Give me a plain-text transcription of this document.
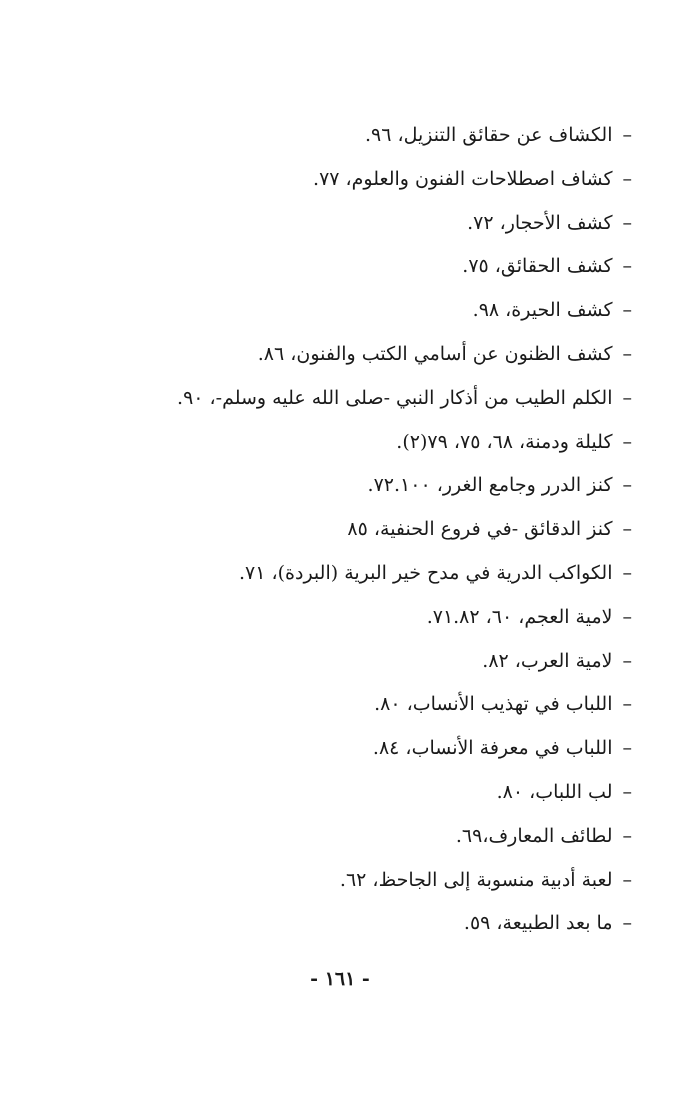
–الكشاف عن حقائق التنزيل، ٩٦.
–كشاف اصطلاحات الفنون والعلوم، ٧٧.
–كشف الأحجار، ٧٢.
–كشف الحقائق، ٧٥.
–كشف الحيرة، ٩٨.
–كشف الظنون عن أسامي الكتب والفنون، ٨٦.
–الكلم الطيب من أذكار النبي -صلى الله عليه وسلم-، ٩٠.
–كليلة ودمنة، ٦٨، ٧٥، ٧٩(٢).
–كنز الدرر وجامع الغرر، ٧٢.١٠٠.
–كنز الدقائق -في فروع الحنفية، ٨٥
–الكواكب الدرية في مدح خير البرية (البردة)، ٧١.
–لامية العجم، ٦٠، ٧١.٨٢.
–لامية العرب، ٨٢.
–اللباب في تهذيب الأنساب، ٨٠.
–اللباب في معرفة الأنساب، ٨٤.
–لب اللباب، ٨٠.
–لطائف المعارف،٦٩.
–لعبة أدبية منسوبة إلى الجاحظ، ٦٢.
–ما بعد الطبيعة، ٥٩.
- ١٦١ -
